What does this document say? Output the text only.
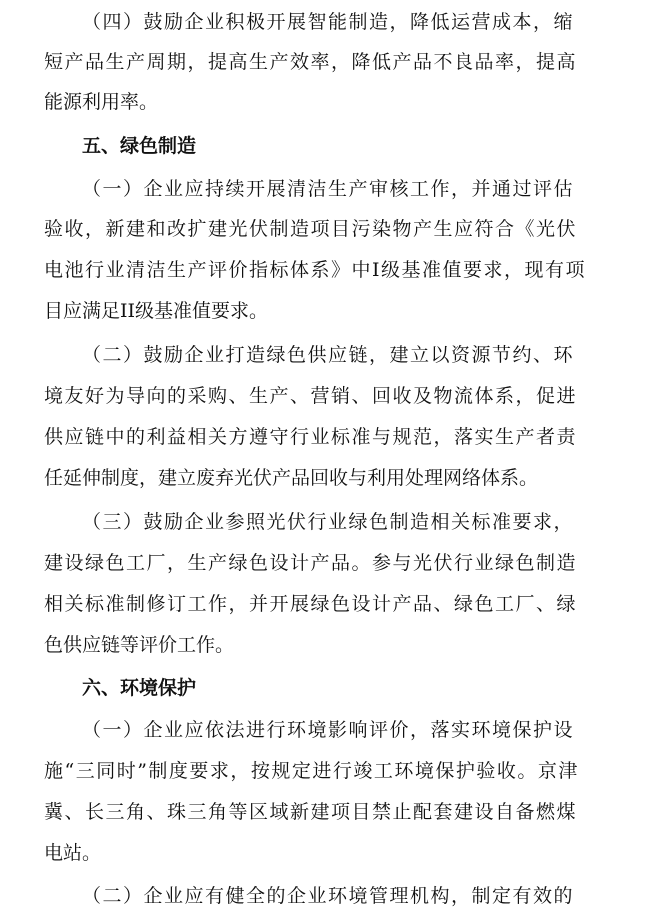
（四）鼓励企业积极开展智能制造，降低运营成本，缩
短产品生产周期，提高生产效率，降低产品不良品率，提高
能源利用率。
五、绿色制造
（一）企业应持续开展清洁生产审核工作，并通过评估
验收，新建和改扩建光伏制造项目污染物产生应符合《光伏
电池行业清洁生产评价指标体系》中I级基准值要求，现有项
目应满足II级基准值要求。
（二）鼓励企业打造绿色供应链，建立以资源节约、环
境友好为导向的采购、生产、营销、回收及物流体系，促进
供应链中的利益相关方遵守行业标准与规范，落实生产者责
任延伸制度，建立废弃光伏产品回收与利用处理网络体系。
（三）鼓励企业参照光伏行业绿色制造相关标准要求，
建设绿色工厂，生产绿色设计产品。参与光伏行业绿色制造
相关标准制修订工作，并开展绿色设计产品、绿色工厂、绿
色供应链等评价工作。
六、环境保护
（一）企业应依法进行环境影响评价，落实环境保护设
施“三同时”制度要求，按规定进行竣工环境保护验收。京津
冀、长三角、珠三角等区域新建项目禁止配套建设自备燃煤
电站。
（二）企业应有健全的企业环境管理机构，制定有效的
